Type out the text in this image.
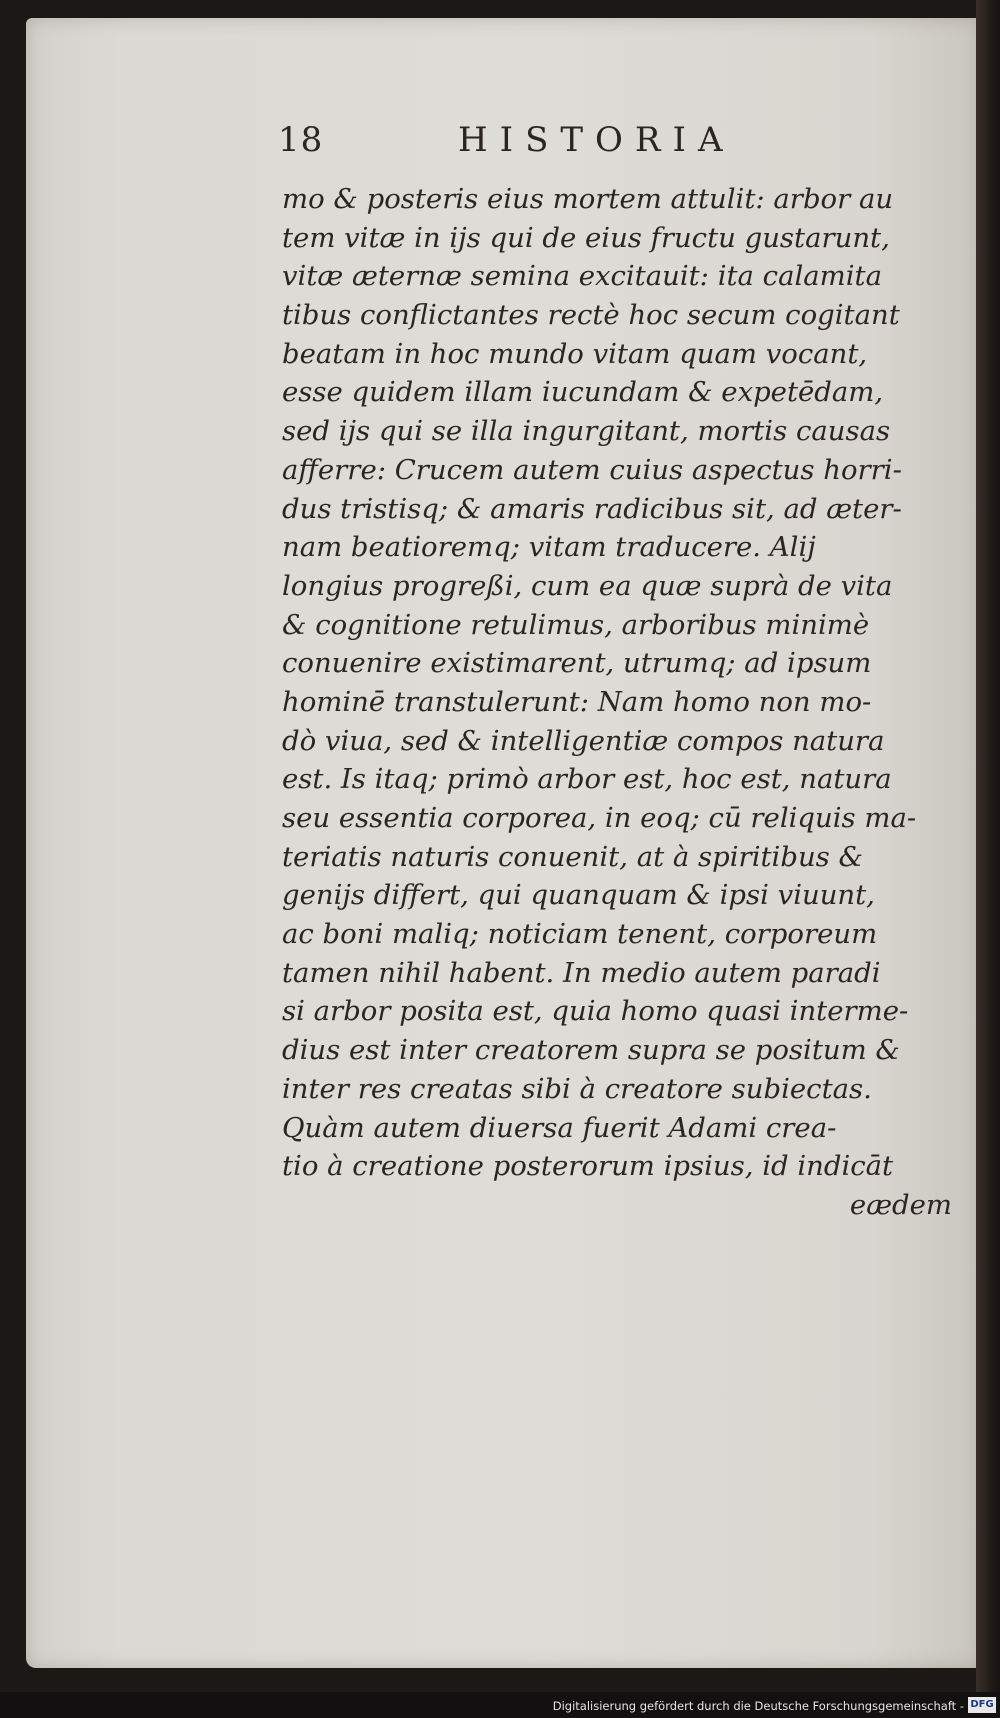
18	HISTORIA
mo & posteris eius mortem attulit: arbor au
tem vitæ in ijs qui de eius fructu gustarunt,
vitæ æternæ semina excitauit: ita calamita
tibus conflictantes rectè hoc secum cogitant
beatam in hoc mundo vitam quam vocant,
esse quidem illam iucundam & expetēdam,
sed ijs qui se illa ingurgitant, mortis causas
afferre: Crucem autem cuius aspectus horri-
dus tristisq; & amaris radicibus sit, ad æter-
nam beatioremq; vitam traducere. Alij
longius progreßi, cum ea quæ suprà de vita
& cognitione retulimus, arboribus minimè
conuenire existimarent, utrumq; ad ipsum
hominē transtulerunt: Nam homo non mo-
dò viua, sed & intelligentiæ compos natura
est. Is itaq; primò arbor est, hoc est, natura
seu essentia corporea, in eoq; cū reliquis ma-
teriatis naturis conuenit, at à spiritibus &
genijs differt, qui quanquam & ipsi viuunt,
ac boni maliq; noticiam tenent, corporeum
tamen nihil habent. In medio autem paradi
si arbor posita est, quia homo quasi interme-
dius est inter creatorem supra se positum &
inter res creatas sibi à creatore subiectas.
Quàm autem diuersa fuerit Adami crea-
tio à creatione posterorum ipsius, id indicāt
eædem
Digitalisierung gefördert durch die Deutsche Forschungsgemeinschaft - DFG
